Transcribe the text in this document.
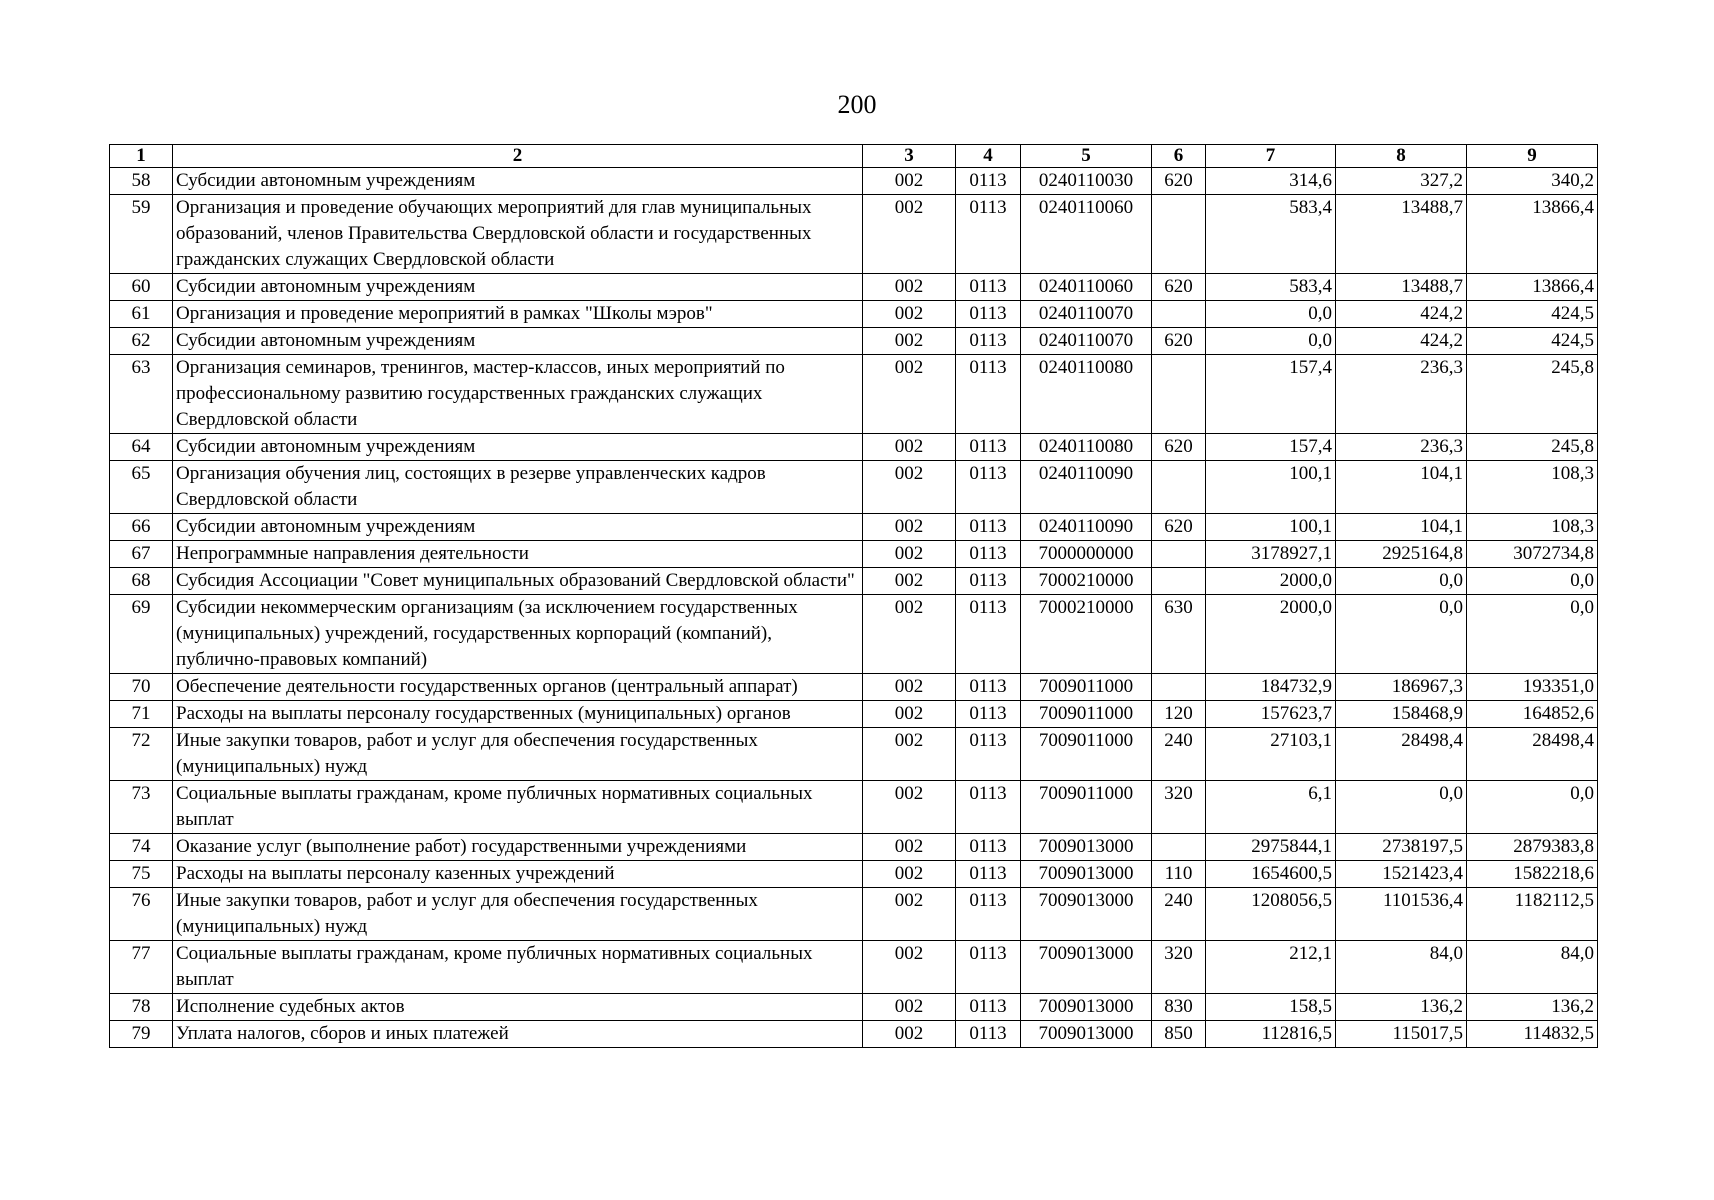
200
1	2	3	4	5	6	7	8	9
58	Субсидии автономным учреждениям	002	0113	0240110030	620	314,6	327,2	340,2
59	Организация и проведение обучающих мероприятий для глав муниципальных образований, членов Правительства Свердловской области и государственных гражданских служащих Свердловской области	002	0113	0240110060		583,4	13488,7	13866,4
60	Субсидии автономным учреждениям	002	0113	0240110060	620	583,4	13488,7	13866,4
61	Организация и проведение мероприятий в рамках "Школы мэров"	002	0113	0240110070		0,0	424,2	424,5
62	Субсидии автономным учреждениям	002	0113	0240110070	620	0,0	424,2	424,5
63	Организация семинаров, тренингов, мастер-классов, иных мероприятий по профессиональному развитию государственных гражданских служащих Свердловской области	002	0113	0240110080		157,4	236,3	245,8
64	Субсидии автономным учреждениям	002	0113	0240110080	620	157,4	236,3	245,8
65	Организация обучения лиц, состоящих в резерве управленческих кадров Свердловской области	002	0113	0240110090		100,1	104,1	108,3
66	Субсидии автономным учреждениям	002	0113	0240110090	620	100,1	104,1	108,3
67	Непрограммные направления деятельности	002	0113	7000000000		3178927,1	2925164,8	3072734,8
68	Субсидия Ассоциации "Совет муниципальных образований Свердловской области"	002	0113	7000210000		2000,0	0,0	0,0
69	Субсидии некоммерческим организациям (за исключением государственных (муниципальных) учреждений, государственных корпораций (компаний), публично-правовых компаний)	002	0113	7000210000	630	2000,0	0,0	0,0
70	Обеспечение деятельности государственных органов (центральный аппарат)	002	0113	7009011000		184732,9	186967,3	193351,0
71	Расходы на выплаты персоналу государственных (муниципальных) органов	002	0113	7009011000	120	157623,7	158468,9	164852,6
72	Иные закупки товаров, работ и услуг для обеспечения государственных (муниципальных) нужд	002	0113	7009011000	240	27103,1	28498,4	28498,4
73	Социальные выплаты гражданам, кроме публичных нормативных социальных выплат	002	0113	7009011000	320	6,1	0,0	0,0
74	Оказание услуг (выполнение работ) государственными учреждениями	002	0113	7009013000		2975844,1	2738197,5	2879383,8
75	Расходы на выплаты персоналу казенных учреждений	002	0113	7009013000	110	1654600,5	1521423,4	1582218,6
76	Иные закупки товаров, работ и услуг для обеспечения государственных (муниципальных) нужд	002	0113	7009013000	240	1208056,5	1101536,4	1182112,5
77	Социальные выплаты гражданам, кроме публичных нормативных социальных выплат	002	0113	7009013000	320	212,1	84,0	84,0
78	Исполнение судебных актов	002	0113	7009013000	830	158,5	136,2	136,2
79	Уплата налогов, сборов и иных платежей	002	0113	7009013000	850	112816,5	115017,5	114832,5
